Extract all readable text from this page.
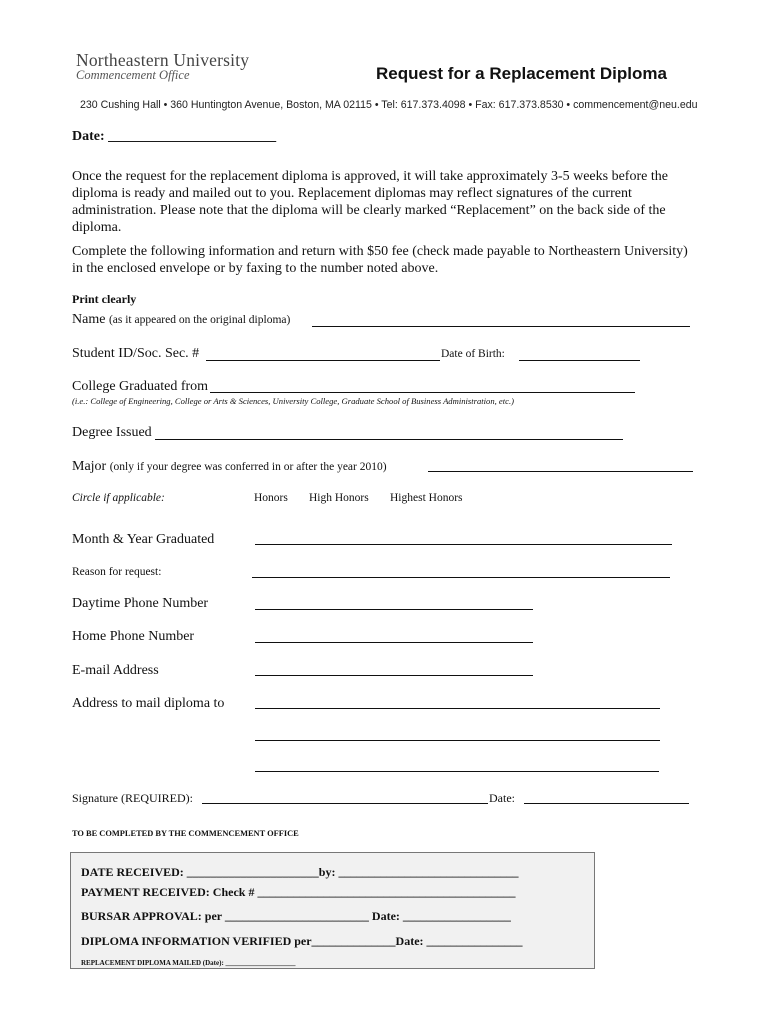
Northeastern University
Commencement Office	Request for a Replacement Diploma
230 Cushing Hall • 360 Huntington Avenue, Boston, MA 02115 • Tel: 617.373.4098 • Fax: 617.373.8530 • commencement@neu.edu
Date: ________________________
Once the request for the replacement diploma is approved, it will take approximately 3-5 weeks before the diploma is ready and mailed out to you. Replacement diplomas may reflect signatures of the current administration. Please note that the diploma will be clearly marked “Replacement” on the back side of the diploma.
Complete the following information and return with $50 fee (check made payable to Northeastern University) in the enclosed envelope or by faxing to the number noted above.
Print clearly
Name (as it appeared on the original diploma)
Student ID/Soc. Sec. #	Date of Birth:
College Graduated from
(i.e.: College of Engineering, College or Arts & Sciences, University College, Graduate School of Business Administration, etc.)
Degree Issued
Major (only if your degree was conferred in or after the year 2010)
Circle if applicable:	Honors High Honors Highest Honors
Month & Year Graduated
Reason for request:
Daytime Phone Number
Home Phone Number
E-mail Address
Address to mail diploma to
Signature (REQUIRED):	Date:
TO BE COMPLETED BY THE COMMENCEMENT OFFICE
DATE RECEIVED: ______________________by: ______________________________
PAYMENT RECEIVED: Check # ___________________________________________
BURSAR APPROVAL: per ________________________ Date: __________________
DIPLOMA INFORMATION VERIFIED per______________Date: ________________
REPLACEMENT DIPLOMA MAILED (Date): ____________________
